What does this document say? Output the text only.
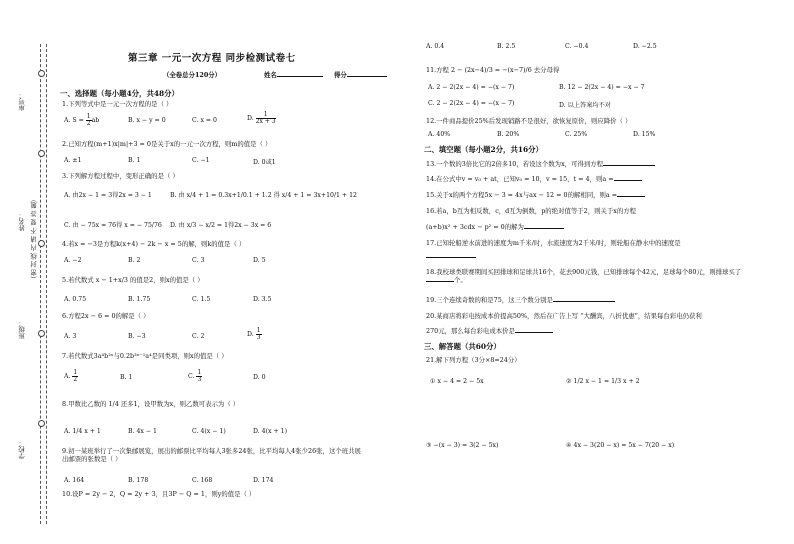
座号：
姓名： （密 封 线 内 请 不 要 答 题）
班级：
学校：
第三章 一元一次方程 同步检测试卷七
（全卷总分120分）	姓名	得分
一、选择题（每小题4分，共48分）
1.下列等式中是一元一次方程的是（ ）
A. $S = \frac{1}{2}$ ab	B. x − y = 0	C. x = 0	D. $\frac{1}{2x + 3}$
2.已知方程(m+1)x|m|+3 = 0是关于x的一元一次方程，则m的值是（ ）
A. ±1	B. 1	C. −1	D. 0或1
3.下列解方程过程中，变形正确的是（ ）
A. 由2x − 1 = 3得2x = 3 − 1	B. 由 x/4 + 1 = 0.3x+1/0.1 + 1.2 得 x/4 + 1 = 3x+10/1 + 12
C. 由 − 75x = 76得 x = − 75/76 D. 由 x/3 − x/2 = 1得2x − 3x = 6
4.若x = −3是方程k(x+4) − 2k − x = 5的解，则k的值是（ ）
A. −2	B. 2	C. 3	D. 5
5.若代数式 x − 1+x/3 的值是2，则x的值是（ ）
A. 0.75	B. 1.75	C. 1.5	D. 3.5
6.方程2x − 6 = 0的解是（ ）
A. 3	B. −3	C. 2	D. $\frac{1}{3}$
7.若代数式3a⁴b²ˣ与0.2b³ˣ⁻¹a⁴是同类项，则x的值是（ ）
A. $\frac{1}{2}$	B. 1	C. $\frac{1}{3}$	D. 0
8.甲数比乙数的 1/4 还多1，设甲数为x，则乙数可表示为（ ）
A. 1/4 x + 1	B. 4x − 1	C. 4(x − 1)	D. 4(x + 1)
9.初一某班举行了一次集邮展览，展出的邮票比平均每人3张多24张，比平均每人4张少26张，这个班共展出邮票的张数是（ ）
A. 164	B. 178	C. 168	D. 174
10.设P = 2y − 2，Q = 2y + 3，且3P − Q = 1，则y的值是（ ）
A. 0.4	B. 2.5	C. −0.4	D. −2.5
11.方程 2 − (2x−4)/3 = −(x−7)/6 去分母得
A. 2 − 2(2x − 4) = −(x − 7)	B. 12 − 2(2x − 4) = −x − 7
C. 2 − 2(2x − 4) = −(x − 7)	D. 以上答案均不对
12.一件商品提价25%后发现销路不是很好，欲恢复原价，则应降价（ ）
A. 40%	B. 20%	C. 25%	D. 15%
二、填空题（每小题2分，共16分）
13.一个数的3倍比它的2倍多10，若设这个数为x，可得到方程
14.在公式中v = v₀ + at，已知v₀ = 10，v = 15，t = 4，则a =
15.关于x的两个方程5x − 3 = 4x与ax − 12 = 0的解相同，则a =
16.若a，b互为相反数，c，d互为倒数，p的绝对值等于2，则关于x的方程
(a+b)x² + 3cdx − p² = 0的解为
17.已知轮船逆水前进的速度为m千米/时，水流速度为2千米/时，则轮船在静水中的速度是
18.我校球类联赛期间买回排球和足球共16个，花去900元钱，已知排球每个42元，足球每个80元，则排球买了个。
19.三个连续奇数的和是75，这三个数分别是
20.某商店将彩电按成本价提高50%，然后在广告上写 “大酬宾，八折优惠”，结果每台彩电仍获利
270元，那么每台彩电成本价是
三、解答题（共60分）
21.解下列方程（3分×8=24分）
① x − 4 = 2 − 5x	② 1/2 x − 1 = 1/3 x + 2
③ −(x − 3) = 3(2 − 5x)	④ 4x − 3(20 − x) = 5x − 7(20 − x)
